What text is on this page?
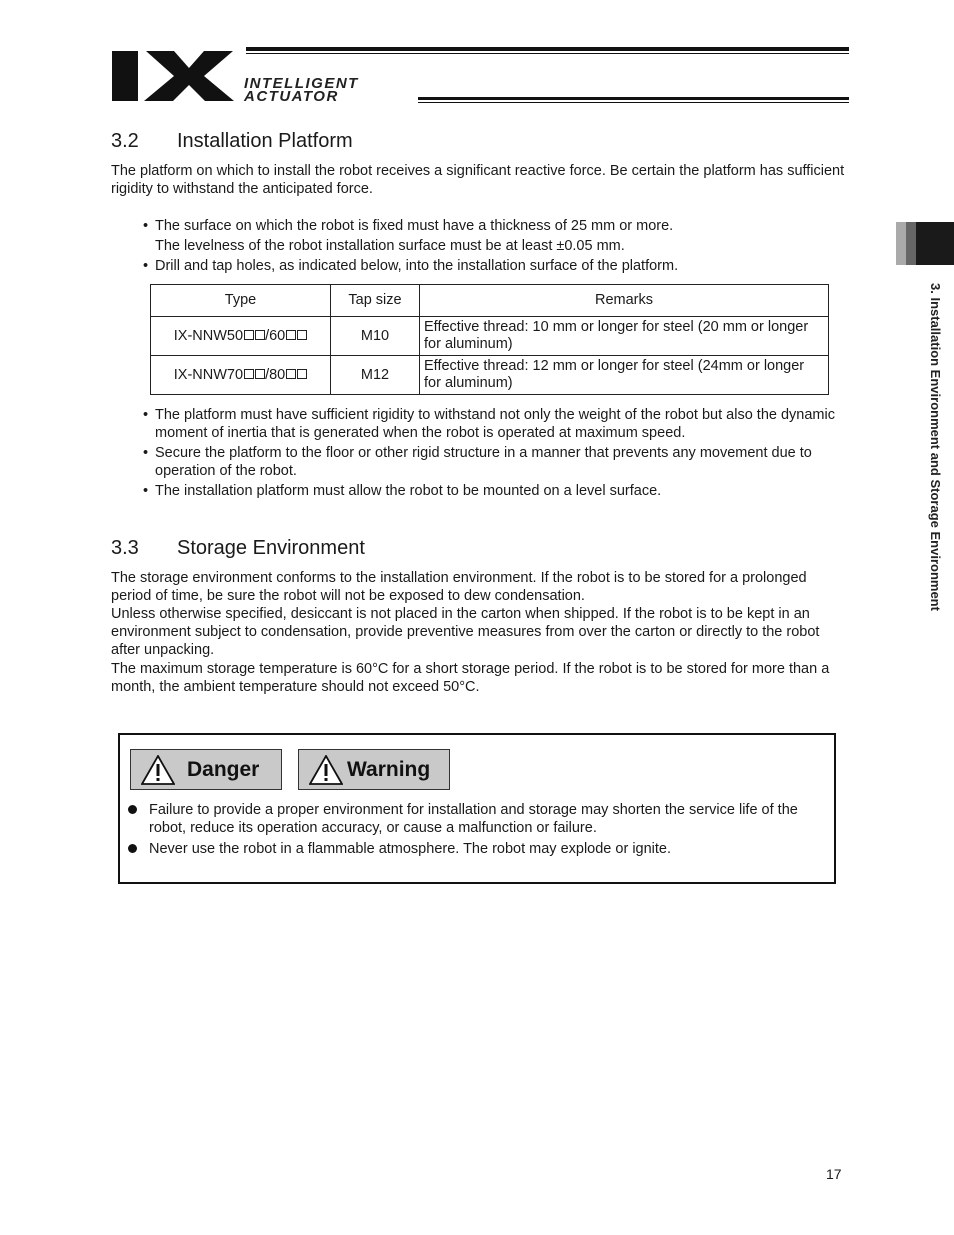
INTELLIGENT
ACTUATOR
3. Installation Environment and Storage Environment
3.2 Installation Platform

The platform on which to install the robot receives a significant reactive force. Be certain the platform has sufficient rigidity to withstand the anticipated force.

• The surface on which the robot is fixed must have a thickness of 25 mm or more.
The levelness of the robot installation surface must be at least ±0.05 mm.
• Drill and tap holes, as indicated below, into the installation surface of the platform.
Type	Tap size	Remarks
IX-NNW50 /60	M10	Effective thread: 10 mm or longer for steel (20 mm or longer for aluminum)
IX-NNW70 /80	M12	Effective thread: 12 mm or longer for steel (24mm or longer for aluminum)
• The platform must have sufficient rigidity to withstand not only the weight of the robot but also the dynamic moment of inertia that is generated when the robot is operated at maximum speed.
• Secure the platform to the floor or other rigid structure in a manner that prevents any movement due to operation of the robot.
• The installation platform must allow the robot to be mounted on a level surface.
3.3 Storage Environment

The storage environment conforms to the installation environment. If the robot is to be stored for a prolonged period of time, be sure the robot will not be exposed to dew condensation.

Unless otherwise specified, desiccant is not placed in the carton when shipped. If the robot is to be kept in an environment subject to condensation, provide preventive measures from over the carton or directly to the robot after unpacking.

The maximum storage temperature is 60°C for a short storage period. If the robot is to be stored for more than a month, the ambient temperature should not exceed 50°C.

Danger	Warning
Failure to provide a proper environment for installation and storage may shorten the service life of the robot, reduce its operation accuracy, or cause a malfunction or failure.
Never use the robot in a flammable atmosphere. The robot may explode or ignite.
17
